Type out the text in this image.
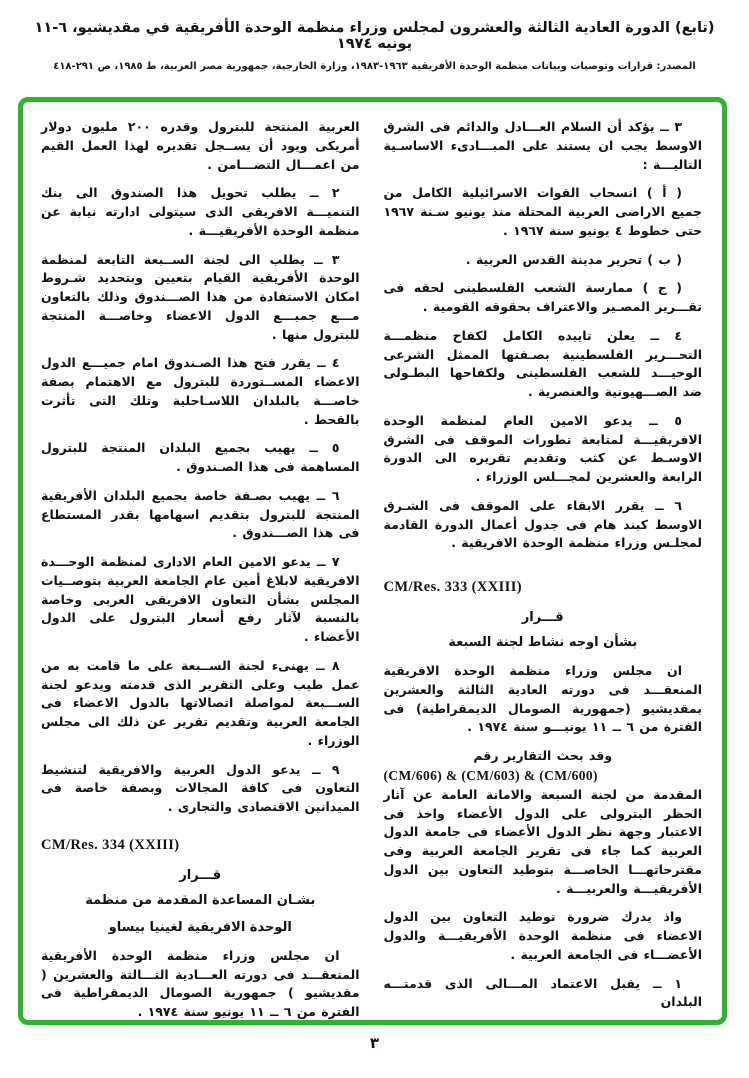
(تابع) الدورة العادية الثالثة والعشرون لمجلس وزراء منظمة الوحدة الأفريقية في مقديشيو، ٦-١١ يونيه ١٩٧٤
المصدر: قرارات وتوصيات وبيانات منظمة الوحدة الأفريقية ١٩٦٣-١٩٨٣، وزارة الخارجية، جمهورية مصر العربية، ط ١٩٨٥، ص ٢٩١-٤١٨

٣ ــ يؤكد أن السلام العـــادل والدائم فى الشرق الاوسط يجب ان يستند على المبـــادىء الاساسـية التاليـــة :

( أ ) انسحاب القوات الاسرائيلية الكامل من جميع الاراضى العربية المحتلة منذ يونيو سـنة ١٩٦٧ حتى خطوط ٤ يونيو سنة ١٩٦٧ .

( ب ) تحرير مدينة القدس العربية .

( ج ) ممارسة الشعب الفلسطينى لحقه فى تقـــرير المصـير والاعتراف بحقوقه القومية .

٤ ــ يعلن تاييده الكامل لكفاح منظمـــة التحـــرير الفلسطينية بصـفتها الممثل الشرعى الوحيـــد للشعب الفلسطينى ولكفاحها البطـولى ضد الصـــهيونية والعنصرية .

٥ ــ يدعو الامين العام لمنظمة الوحدة الافريقيـــة لمتابعة تطورات الموقف فى الشرق الاوسـط عن كثب وتقديم تقريره الى الدورة الرابعة والعشرين لمجـــلس الوزراء .

٦ ــ يقرر الابقاء على الموقف فى الشـرق الاوسط كبند هام فى جدول أعمال الدورة القادمة لمجلـس وزراء منظمة الوحدة الافريقية .

CM/Res. 333 (XXIII)

قـــرار

بشأن اوجه نشاط لجنة السبعة

ان مجلس وزراء منظمة الوحدة الافريقية المنعقـــد فى دورته العادية الثالثة والعشرين بمقديشيو (جمهورية الصومال الديمقراطية) فى الفترة من ٦ ــ ١١ يونيـــو سنة ١٩٧٤ .

وقد بحث التقارير رقم

(CM/606) & (CM/603) & (CM/600)

المقدمة من لجنة السبعة والامانة العامة عن آثار الحظر البترولى على الدول الأعضاء واخذ فى الاعتبار وجهة نظر الدول الأعضاء فى جامعة الدول العربية كما جاء فى تقرير الجامعة العربية وفى مقترحاتهـــا الخاصـــة بتوطيد التعاون بين الدول الأفريقيـــة والعربيـــة .

واذ يدرك ضرورة توطيد التعاون بين الدول الاعضاء فى منظمة الوحدة الأفريقيـــة والدول الأعضـــاء فى الجامعة العربية .

١ ــ يقبل الاعتماد المـــالى الذى قدمتـــه البلدان

العربية المنتجة للبترول وقدره ٢٠٠ مليون دولار أمريكى ويود أن يســجل تقديره لهذا العمل القيم من اعمـــال التضـــامن .

٢ ــ يطلب تحويل هذا الصندوق الى بنك التنميـــة الافريقى الذى سيتولى ادارته نيابة عن منظمة الوحدة الأفريقيـــة .

٣ ــ يطلب الى لجنة الســبعة التابعة لمنظمة الوحدة الأفريقية القيام بتعيين وبتحديد شـروط امكان الاستفادة من هذا الصـــندوق وذلك بالتعاون مـــع جميـــع الدول الاعضاء وخاصـــة المنتجة للبترول منها .

٤ ــ يقرر فتح هذا الصـندوق امام جميـــع الدول الاعضاء المســتوردة للبترول مع الاهتمام بصفة خاصـــة بالبلدان اللاسـاحلية وتلك التى تأثرت بالقحط .

٥ ــ يهيب بجميع البلدان المنتجة للبترول المساهمة فى هذا الصـندوق .

٦ ــ يهيب بصـفة خاصة بجميع البلدان الأفريقية المنتجة للبترول بتقديم اسهامها بقدر المستطاع فى هذا الصـــندوق .

٧ ــ يدعو الامين العام الادارى لمنظمة الوحـــدة الافريقية لابلاغ أمين عام الجامعة العربية بتوصــيات المجلس بشأن التعاون الافريقى العربى وخاصة بالنسبة لآثار رفع أسعار البترول على الدول الأعضاء .

٨ ــ يهنىء لجنة الســبعة على ما قامت به من عمل طيب وعلى التقرير الذى قدمته ويدعو لجنة الســـبعة لمواصلة اتصالاتها بالدول الاعضاء فى الجامعة العربية وتقديم تقرير عن ذلك الى مجلس الوزراء .

٩ ــ يدعو الدول العربية والافريقية لتنشيط التعاون فى كافة المجالات وبصفة خاصة فى الميدانين الاقتصادى والتجارى .

CM/Res. 334 (XXIII)

قـــرار

بشـان المساعدة المقدمة من منظمة

الوحدة الافريقية لغينيا بيساو

ان مجلس وزراء منظمة الوحدة الأفريقية المنعقـــد فى دورته العـــادية الثـــالثة والعشرين ( مقديشيو ) جمهورية الصومال الديمقراطية فى الفترة من ٦ ــ ١١ يونيو سنة ١٩٧٤ .

٣
